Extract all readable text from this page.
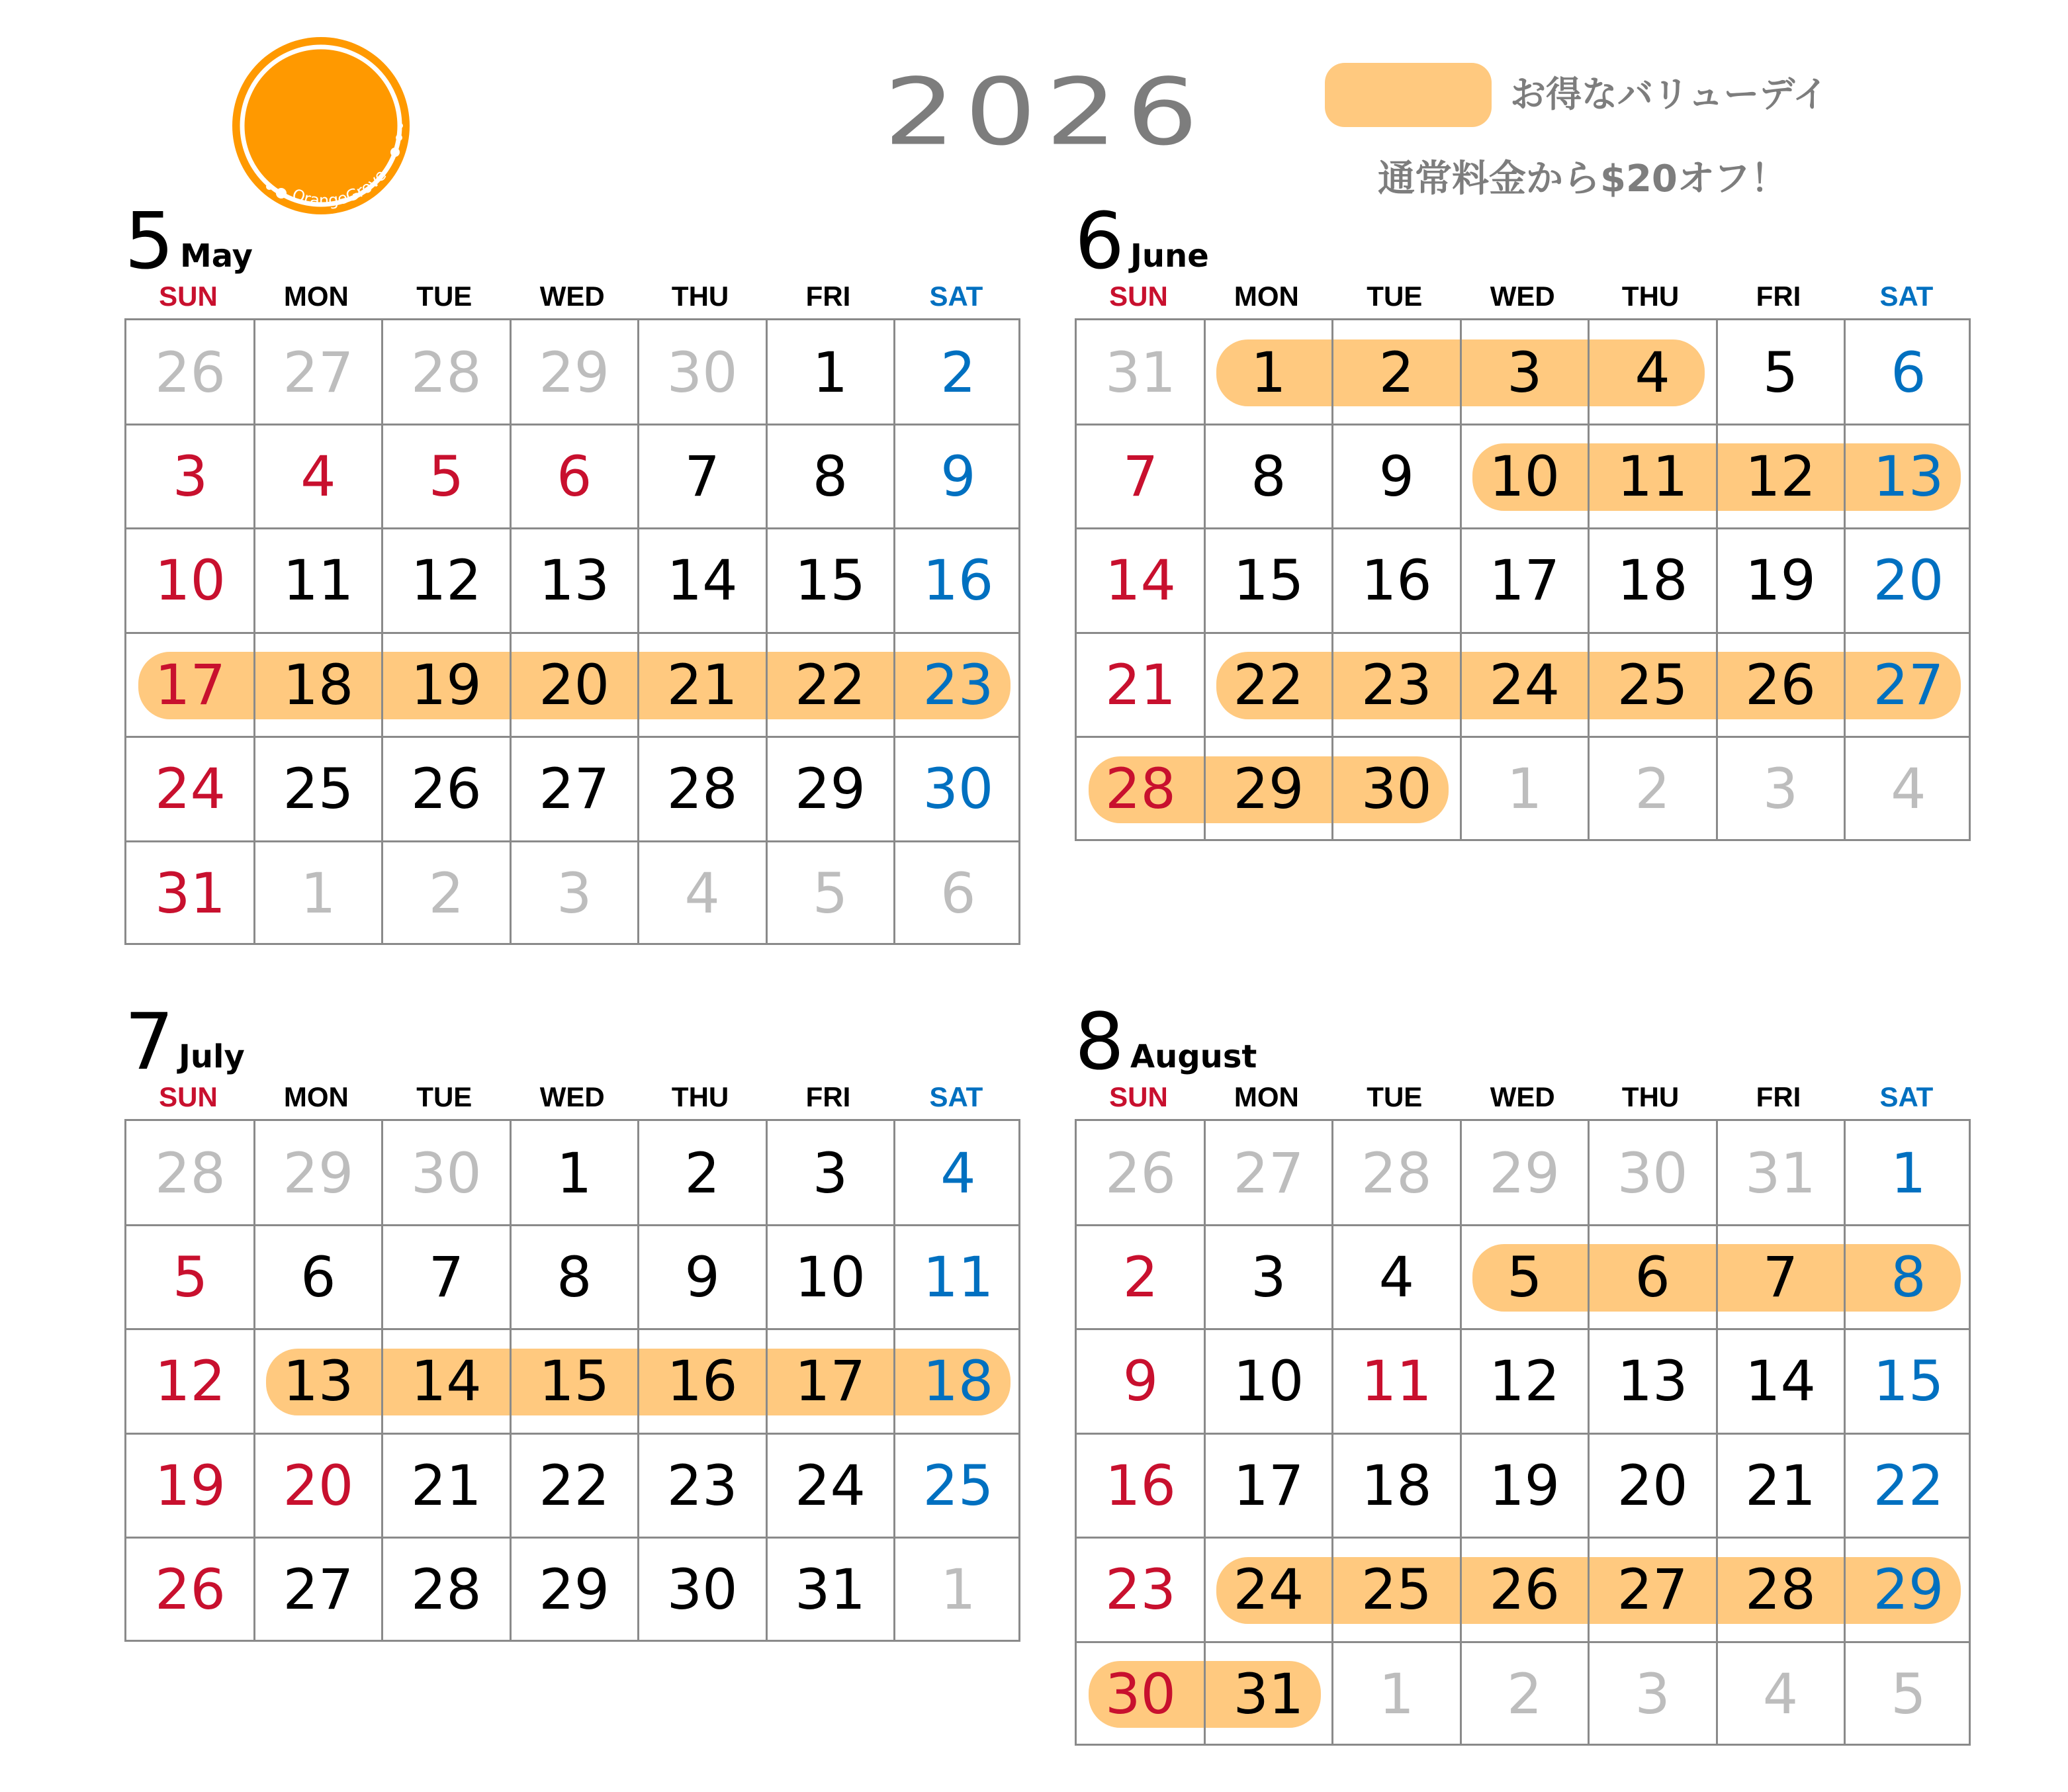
OrangeGrove
2026	お得なバリューデイ
通常料金から$20オフ！
5 May
SUN	MON	TUE	WED	THU	FRI	SAT
26	27	28	29	30	1	2
3	4	5	6	7	8	9
10	11	12	13	14	15	16
17	18	19	20	21	22	23
24	25	26	27	28	29	30
31	1	2	3	4	5	6
6 June
SUN	MON	TUE	WED	THU	FRI	SAT
31	1	2	3	4	5	6
7	8	9	10	11	12	13
14	15	16	17	18	19	20
21	22	23	24	25	26	27
28	29	30	1	2	3	4
7 July
SUN	MON	TUE	WED	THU	FRI	SAT
28	29	30	1	2	3	4
5	6	7	8	9	10	11
12	13	14	15	16	17	18
19	20	21	22	23	24	25
26	27	28	29	30	31	1
8 August
SUN	MON	TUE	WED	THU	FRI	SAT
26	27	28	29	30	31	1
2	3	4	5	6	7	8
9	10	11	12	13	14	15
16	17	18	19	20	21	22
23	24	25	26	27	28	29
30	31	1	2	3	4	5
